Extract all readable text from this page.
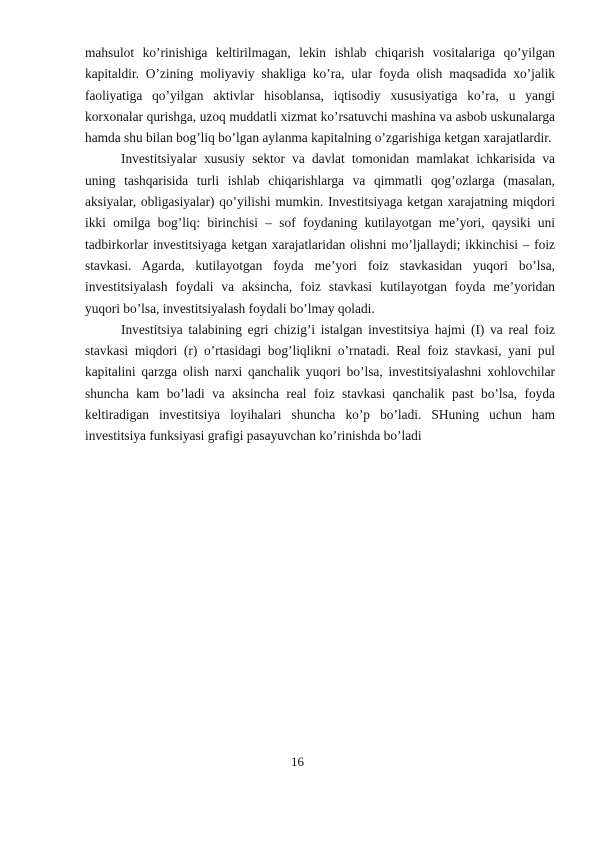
mahsulot ko’rinishiga keltirilmagan, lekin ishlab chiqarish vositalariga qo’yilgan kapitaldir. O’zining moliyaviy shakliga ko’ra, ular foyda olish maqsadida xo’jalik faoliyatiga qo’yilgan aktivlar hisoblansa, iqtisodiy xususiyatiga ko’ra, u yangi korxonalar qurishga, uzoq muddatli xizmat ko’rsatuvchi mashina va asbob uskunalarga hamda shu bilan bog’liq bo’lgan aylanma kapitalning o’zgarishiga ketgan xarajatlardir.

Investitsiyalar xususiy sektor va davlat tomonidan mamlakat ichkarisida va uning tashqarisida turli ishlab chiqarishlarga va qimmatli qog’ozlarga (masalan, aksiyalar, obligasiyalar) qo’yilishi mumkin. Investitsiyaga ketgan xarajatning miqdori ikki omilga bog’liq: birinchisi – sof foydaning kutilayotgan me’yori, qaysiki uni tadbirkorlar investitsiyaga ketgan xarajatlaridan olishni mo’ljallaydi; ikkinchisi – foiz stavkasi. Agarda, kutilayotgan foyda me’yori foiz stavkasidan yuqori bo’lsa, investitsiyalash foydali va aksincha, foiz stavkasi kutilayotgan foyda me’yoridan yuqori bo’lsa, investitsiyalash foydali bo’lmay qoladi.

Investitsiya talabining egri chizig’i istalgan investitsiya hajmi (I) va real foiz stavkasi miqdori (r) o’rtasidagi bog’liqlikni o’rnatadi. Real foiz stavkasi, yani pul kapitalini qarzga olish narxi qanchalik yuqori bo’lsa, investitsiyalashni xohlovchilar shuncha kam bo’ladi va aksincha real foiz stavkasi qanchalik past bo’lsa, foyda keltiradigan investitsiya loyihalari shuncha ko’p bo’ladi. SHuning uchun ham investitsiya funksiyasi grafigi pasayuvchan ko’rinishda bo’ladi

16
